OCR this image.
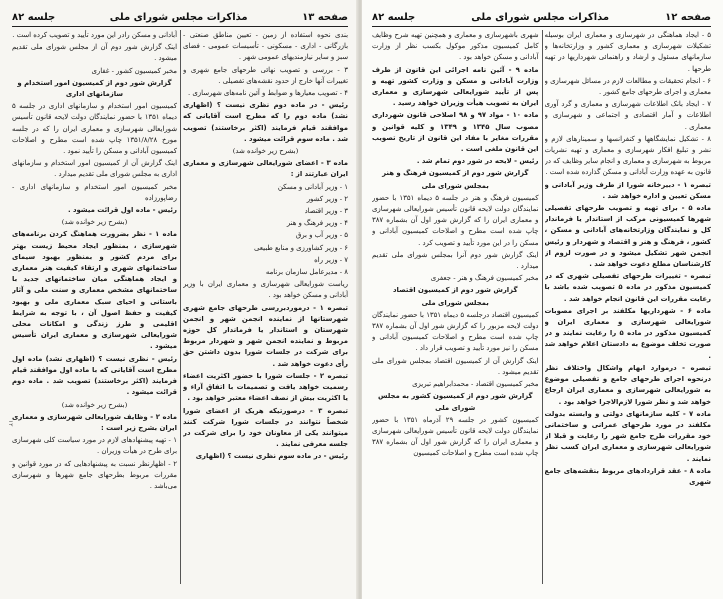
صفحه ۱۳
مذاکرات مجلس شورای ملی
جلسه ۸۲

بندی نحوه استفاده از زمین - تعیین مناطق صنعتی - بازرگانی - اداری - مسکونی - تأسیسات عمومی - فضای سبز و سایر نیازمندیهای عمومی شهر .

۳ - بررسی و تصویب نهائی طرحهای جامع شهری و تغییرات آنها خارج از حدود نقشه‌های تفصیلی .

۴ - تصویب معیارها و ضوابط و آئین نامه‌های شهرسازی .

رئیس - در ماده دوم نظری نیست ؟ (اظهاری نشد) ماده دوم را که مطرح است آقایانی که موافقند قیام فرمایند (اکثر برخاستند) تصویب شد . ماده سوم قرائت میشود .

(بشرح زیر خوانده شد)

ماده ۳ - اعضای شورایعالی شهرسازی و معماری ایران عبارتند از :

۱ - وزیر آبادانی و مسکن

۲ - وزیر کشور

۳ - وزیر اقتصاد

۴ - وزیر فرهنگ و هنر

۵ - وزیر آب و برق

۶ - وزیر کشاورزی و منابع طبیعی

۷ - وزیر راه

۸ - مدیرعامل سازمان برنامه

ریاست شورایعالی شهرسازی و معماری ایران با وزیر آبادانی و مسکن خواهد بود .

تبصره ۱ - درموردبررسی طرحهای جامع شهری شهرستانها از نماینده انجمن شهر و انجمن شهرستان و استاندار یا فرماندار کل حوزه مربوط و نماینده انجمن شهر و شهردار مربوط برای شرکت در جلسات شورا بدون داشتن حق رأی دعوت خواهد شد .

تبصره ۲ - جلسات شورا با حضور اکثریت اعضاء رسمیت خواهد یافت و تصمیمات با اتفاق آراء و یا اکثریت بیش از نصف اعضاء معتبر خواهد بود .

تبصره ۳ - درصورتیکه هریک از اعضای شورا شخصاً نتوانند در جلسات شورا شرکت کنند میتوانند یکی از معاونان خود را برای شرکت در جلسه معرفی نمایند .

رئیس - در ماده سوم نظری نیست ؟ (اظهاری

آبادانی و مسکن رادر این مورد تأیید و تصویب کرده است .

اینک گزارش شور دوم آن از مجلس شورای ملی تقدیم میشود .

مخبر کمیسیون کشور - غفاری

گزارش شور دوم از کمیسیون امور استخدام و سازمانهای اداری

کمیسیون امور استخدام و سازمانهای اداری در جلسه ۵ دیماه ۱۳۵۱ با حضور نمایندگان دولت لایحه قانون تأسیس شورایعالی شهرسازی و معماری ایران را که در جلسه مورخ ۱۳۵۱/۸/۲۸ چاپ شده است مطرح و اصلاحات کمیسیون آبادانی و مسکن را تأیید نمود .

اینک گزارش آن از کمیسیون امور استخدام و سازمانهای اداری به مجلس شورای ملی تقدیم میدارد .

مخبر کمیسیون امور استخدام و سازمانهای اداری - رضاپورزاده

رئیس - ماده اول قرائت میشود .

(بشرح زیر خوانده شد)

ماده ۱ - نظر بضرورت هماهنگ کردن برنامه‌های شهرسازی ، بمنظور ایجاد محیط زیست بهتر برای مردم کشور و بمنظور بهبود سیمای ساختمانهای شهری و ارتقاء کیفیت هنر معماری و ایجاد هماهنگی میان ساختمانهای جدید با ساختمانهای مشخص معماری و سنت ملی و آثار باستانی و احیای سبک معماری ملی و بهبود کیفیت و حفظ اصول آن ، با توجه به شرایط اقلیمی و طرز زندگی و امکانات محلی شورایعالی شهرسازی و معماری ایران تأسیس میشود .

رئیس - نظری نیست ؟ (اظهاری نشد) ماده اول مطرح است آقایانی که با ماده اول موافقند قیام فرمایند (اکثر برخاستند) تصویب شد . ماده دوم قرائت میشود .

(بشرح زیر خوانده شد)

ماده ۲ - وظایف شورایعالی شهرسازی و معماری ایران بشرح زیر است :

۱ - تهیه پیشنهادهای لازم در مورد سیاست کلی شهرسازی برای طرح در هیأت وزیران .

۲ - اظهارنظر نسبت به پیشنهادهایی که در مورد قوانین و مقررات مربوط بطرحهای جامع شهرها و شهرسازی می‌باشد .

۱۲
صفحه ۱۲
مذاکرات مجلس شورای ملی
جلسه ۸۲

۵ - ایجاد هماهنگی در شهرسازی و معماری ایران بوسیله تشکیلات شهرسازی و معماری کشور و وزارتخانه‌ها و سازمانهای مسئول و ارشاد و راهنمائی شهرداریها در تهیه طرحها .

۶ - انجام تحقیقات و مطالعات لازم در مسائل شهرسازی و معماری و اجرای طرحهای جامع کشور .

۷ - ایجاد بانک اطلاعات شهرسازی و معماری و گرد آوری اطلاعات و آمار اقتصادی و اجتماعی و شهرسازی و معماری .

۸ - تشکیل نمایشگاهها و کنفرانسها و سمینارهای لازم و نشر و تبلیغ افکار شهرسازی و معماری و تهیه نشریات مربوط به شهرسازی و معماری و انجام سایر وظایف که در قانون به عهده وزارت آبادانی و مسکن گذارده شده است .

تبصره ۱ - دبیرخانه شورا از طرف وزیر آبادانی و مسکن تعیین و اداره خواهد شد .

ماده ۵ - برای تهیه و تصویب طرحهای تفصیلی شهرها کمیسیونی مرکب از استاندار یا فرماندار کل و نمایندگان وزارتخانه‌های آبادانی و مسکن ، کشور ، فرهنگ و هنر و اقتصاد و شهردار و رئیس انجمن شهر تشکیل میشود و در صورت لزوم از کارشناسان مطلع دعوت خواهد شد .

تبصره - تغییرات طرحهای تفصیلی شهری که در کمیسیون مذکور در ماده ۵ تصویب شده باشد با رعایت مقررات این قانون انجام خواهد شد .

ماده ۶ - شهرداریها مکلفند بر اجرای مصوبات شورایعالی شهرسازی و معماری ایران و کمیسیون مذکور در ماده ۵ را رعایت نمایند و در صورت تخلف موضوع به دادستان اعلام خواهد شد .

تبصره - درموارد ابهام واشکال واختلاف نظر درنحوه اجرای طرحهای جامع و تفصیلی موضوع به شورایعالی شهرسازی و معماری ایران ارجاع خواهد شد و نظر شورا لازم‌الاجرا خواهد بود .

ماده ۷ - کلیه سازمانهای دولتی و وابسته بدولت مکلفند در مورد طرحهای عمرانی و ساختمانی خود مقررات طرح جامع شهر را رعایت و قبلا از شورایعالی شهرسازی و معماری ایران کسب نظر نمایند .

ماده ۸ - عقد قراردادهای مربوط بنقشه‌های جامع شهری

شهری باشهرسازی و معماری و همچنین تهیه شرح وظایف کامل کمیسیون مذکور موکول بکسب نظر از وزارت آبادانی و مسکن خواهد بود .

ماده ۹ - آئین نامه اجرائی این قانون از طرف وزارت آبادانی و مسکن و وزارت کشور تهیه و پس از تأیید شورایعالی شهرسازی و معماری ایران به تصویب هیأت وزیران خواهد رسید .

ماده ۱۰ - مواد ۹۷ و ۹۸ اصلاحی قانون شهرداری مصوب سال ۱۳۴۵ و ۱۳۴۹ و کلیه قوانین و مقررات مغایر با مفاد این قانون از تاریخ تصویب این قانون ملغی است .

رئیس - لایحه در شور دوم تمام شد .

گزارش شور دوم از کمیسیون فرهنگ و هنر

بمجلس شورای ملی

کمیسیون فرهنگ و هنر در جلسه ۵ دیماه ۱۳۵۱ با حضور نمایندگان دولت لایحه قانون تأسیس شورایعالی شهرسازی و معماری ایران را که گزارش شور اول آن بشماره ۳۸۷ چاپ شده است مطرح و اصلاحات کمیسیون آبادانی و مسکن را در این مورد تأیید و تصویب کرد .

اینک گزارش شور دوم آنرا بمجلس شورای ملی تقدیم میدارد .

مخبر کمیسیون فرهنگ و هنر - جعفری

گزارش شور دوم از کمیسیون اقتصاد

بمجلس شورای ملی

کمیسیون اقتصاد درجلسه ۵ دیماه ۱۳۵۱ با حضور نمایندگان دولت لایحه مزبور را که گزارش شور اول آن بشماره ۳۸۷ چاپ شده است مطرح و اصلاحات کمیسیون آبادانی و مسکن را نیز مورد تأیید و تصویب قرار داد .

اینک گزارش آن از کمیسیون اقتصاد بمجلس شورای ملی تقدیم میشود .

مخبر کمیسیون اقتصاد - محمدابراهیم تبریزی

گزارش شور دوم از کمیسیون کشور به مجلس شورای ملی

کمیسیون کشور در جلسه ۲۹ آذرماه ۱۳۵۱ با حضور نمایندگان دولت لایحه قانون تأسیس شورایعالی شهرسازی و معماری ایران را که گزارش شور اول آن بشماره ۳۸۷ چاپ شده است مطرح و اصلاحات کمیسیون
